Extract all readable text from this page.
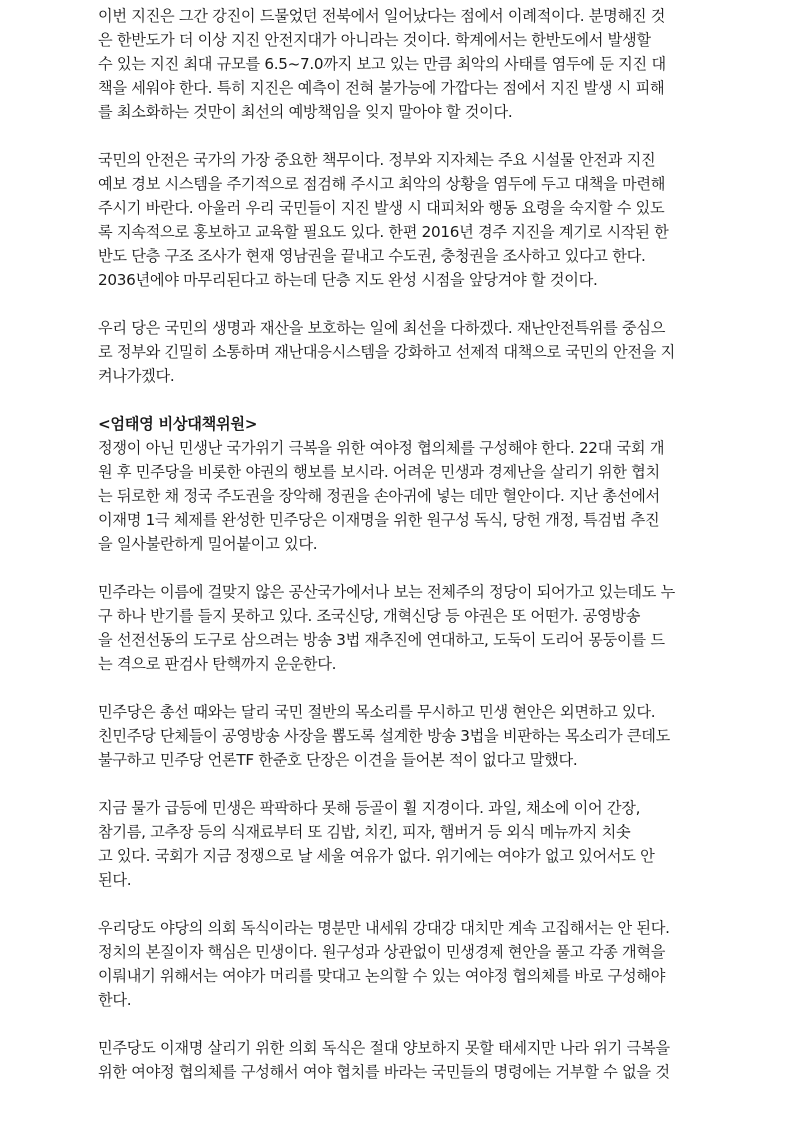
이번 지진은 그간 강진이 드물었던 전북에서 일어났다는 점에서 이례적이다. 분명해진 것
은 한반도가 더 이상 지진 안전지대가 아니라는 것이다. 학계에서는 한반도에서 발생할
수 있는 지진 최대 규모를 6.5~7.0까지 보고 있는 만큼 최악의 사태를 염두에 둔 지진 대
책을 세워야 한다. 특히 지진은 예측이 전혀 불가능에 가깝다는 점에서 지진 발생 시 피해
를 최소화하는 것만이 최선의 예방책임을 잊지 말아야 할 것이다.
국민의 안전은 국가의 가장 중요한 책무이다. 정부와 지자체는 주요 시설물 안전과 지진
예보 경보 시스템을 주기적으로 점검해 주시고 최악의 상황을 염두에 두고 대책을 마련해
주시기 바란다. 아울러 우리 국민들이 지진 발생 시 대피처와 행동 요령을 숙지할 수 있도
록 지속적으로 홍보하고 교육할 필요도 있다. 한편 2016년 경주 지진을 계기로 시작된 한
반도 단층 구조 조사가 현재 영남권을 끝내고 수도권, 충청권을 조사하고 있다고 한다.
2036년에야 마무리된다고 하는데 단층 지도 완성 시점을 앞당겨야 할 것이다.
우리 당은 국민의 생명과 재산을 보호하는 일에 최선을 다하겠다. 재난안전특위를 중심으
로 정부와 긴밀히 소통하며 재난대응시스템을 강화하고 선제적 대책으로 국민의 안전을 지
켜나가겠다.
<엄태영 비상대책위원>
정쟁이 아닌 민생난 국가위기 극복을 위한 여야정 협의체를 구성해야 한다. 22대 국회 개
원 후 민주당을 비롯한 야권의 행보를 보시라. 어려운 민생과 경제난을 살리기 위한 협치
는 뒤로한 채 정국 주도권을 장악해 정권을 손아귀에 넣는 데만 혈안이다. 지난 총선에서
이재명 1극 체제를 완성한 민주당은 이재명을 위한 원구성 독식, 당헌 개정, 특검법 추진
을 일사불란하게 밀어붙이고 있다.
민주라는 이름에 걸맞지 않은 공산국가에서나 보는 전체주의 정당이 되어가고 있는데도 누
구 하나 반기를 들지 못하고 있다. 조국신당, 개혁신당 등 야권은 또 어떤가. 공영방송
을 선전선동의 도구로 삼으려는 방송 3법 재추진에 연대하고, 도둑이 도리어 몽둥이를 드
는 격으로 판검사 탄핵까지 운운한다.
민주당은 총선 때와는 달리 국민 절반의 목소리를 무시하고 민생 현안은 외면하고 있다.
친민주당 단체들이 공영방송 사장을 뽑도록 설계한 방송 3법을 비판하는 목소리가 큰데도
불구하고 민주당 언론TF 한준호 단장은 이견을 들어본 적이 없다고 말했다.
지금 물가 급등에 민생은 팍팍하다 못해 등골이 휠 지경이다. 과일, 채소에 이어 간장,
참기름, 고추장 등의 식재료부터 또 김밥, 치킨, 피자, 햄버거 등 외식 메뉴까지 치솟
고 있다. 국회가 지금 정쟁으로 날 세울 여유가 없다. 위기에는 여야가 없고 있어서도 안
된다.
우리당도 야당의 의회 독식이라는 명분만 내세워 강대강 대치만 계속 고집해서는 안 된다.
정치의 본질이자 핵심은 민생이다. 원구성과 상관없이 민생경제 현안을 풀고 각종 개혁을
이뤄내기 위해서는 여야가 머리를 맞대고 논의할 수 있는 여야정 협의체를 바로 구성해야
한다.
민주당도 이재명 살리기 위한 의회 독식은 절대 양보하지 못할 태세지만 나라 위기 극복을
위한 여야정 협의체를 구성해서 여야 협치를 바라는 국민들의 명령에는 거부할 수 없을 것
